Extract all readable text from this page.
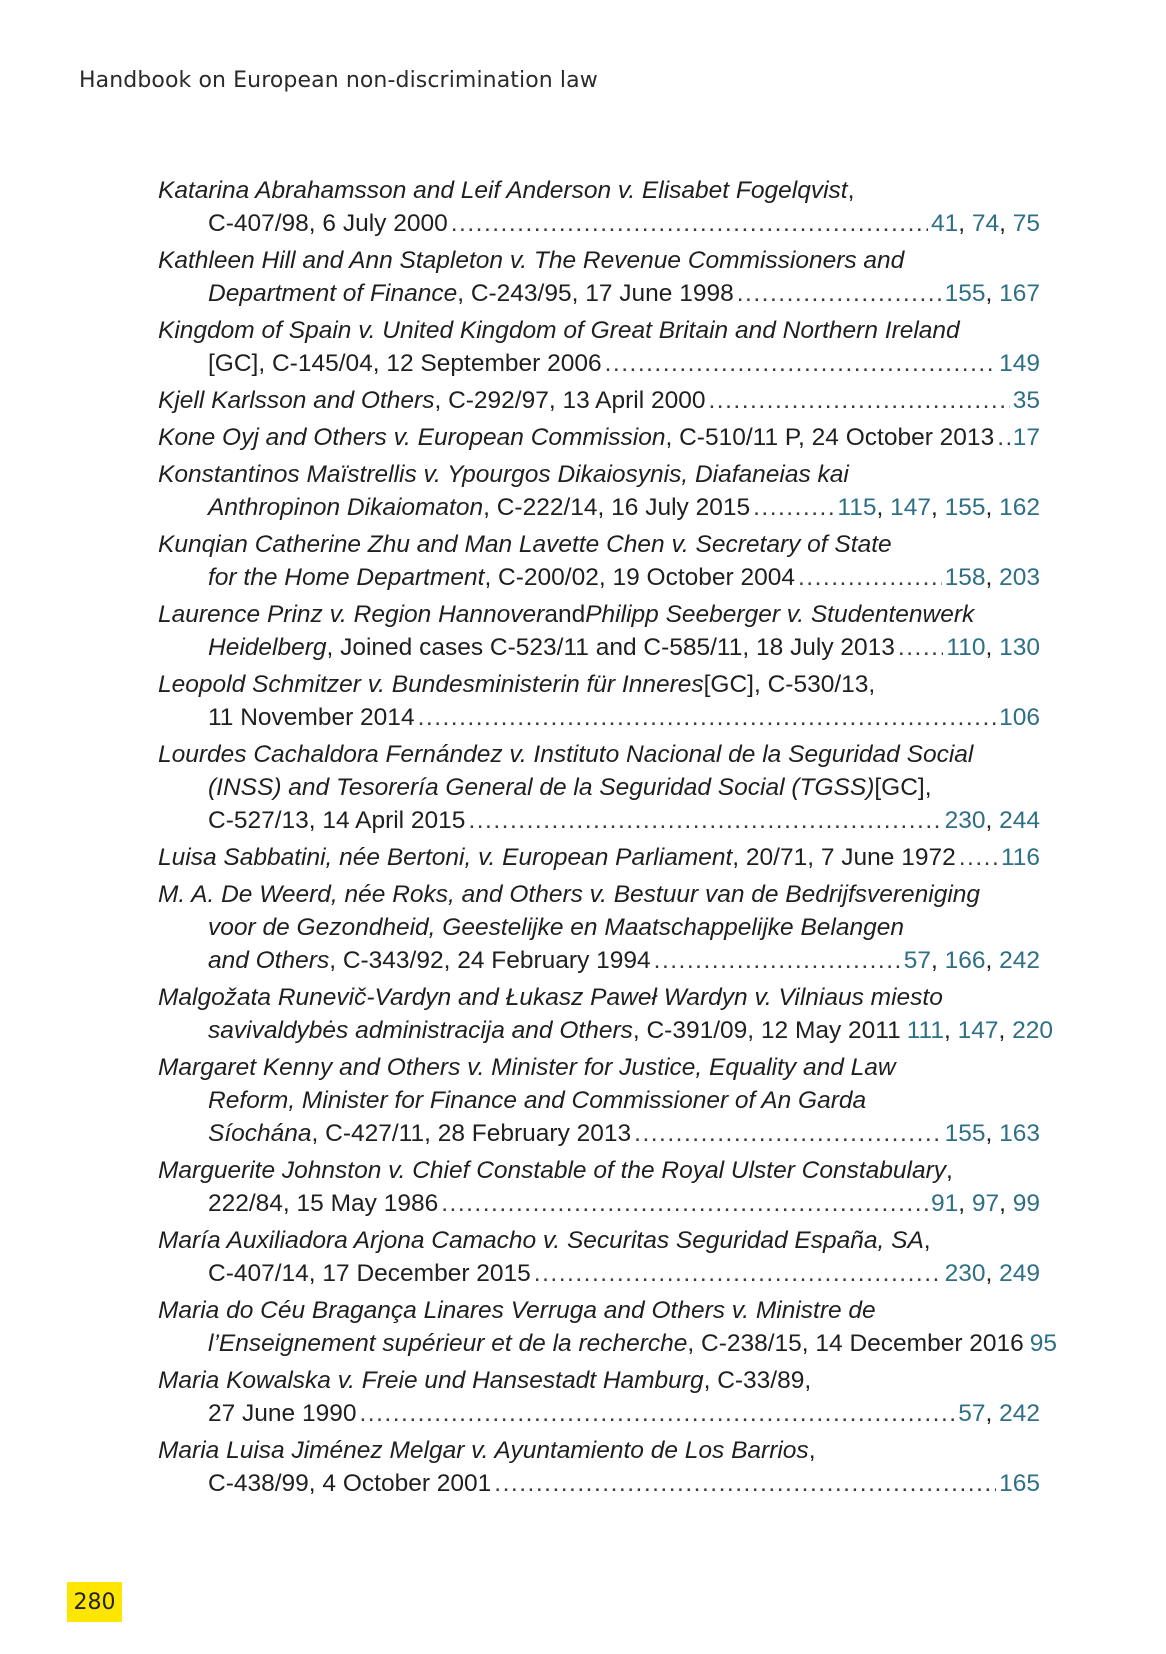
Handbook on European non-discrimination law
Katarina Abrahamsson and Leif Anderson v. Elisabet Fogelqvist ,
C-407/98, 6 July 2000 .....	41, 74, 75
Kathleen Hill and Ann Stapleton v. The Revenue Commissioners and
Department of Finance , C-243/95, 17 June 1998 .....	155, 167
Kingdom of Spain v. United Kingdom of Great Britain and Northern Ireland
[GC], C-145/04, 12 September 2006 .....	149
Kjell Karlsson and Others , C-292/97, 13 April 2000 .....	35
Kone Oyj and Others v. European Commission , C-510/11 P, 24 October 2013 ..... 17
Konstantinos Maïstrellis v. Ypourgos Dikaiosynis, Diafaneias kai
Anthropinon Dikaiomaton , C-222/14, 16 July 2015 .....	115, 147, 155, 162
Kunqian Catherine Zhu and Man Lavette Chen v. Secretary of State
for the Home Department , C-200/02, 19 October 2004 .....	158, 203
Laurence Prinz v. Region Hannover and Philipp Seeberger v. Studentenwerk
Heidelberg , Joined cases C-523/11 and C-585/11, 18 July 2013 ..... 110, 130
Leopold Schmitzer v. Bundesministerin für Inneres [GC], C-530/13,
11 November 2014 .....	106
Lourdes Cachaldora Fernández v. Instituto Nacional de la Seguridad Social
(INSS) and Tesorería General de la Seguridad Social (TGSS) [GC],
C-527/13, 14 April 2015 .....	230, 244
Luisa Sabbatini, née Bertoni, v. European Parliament , 20/71, 7 June 1972 ..... 116
M. A. De Weerd, née Roks, and Others v. Bestuur van de Bedrijfsvereniging
voor de Gezondheid, Geestelijke en Maatschappelijke Belangen
and Others , C-343/92, 24 February 1994 .....	57, 166, 242
Malgožata Runevič-Vardyn and Łukasz Paweł Wardyn v. Vilniaus miesto
savivaldybės administracija and Others , C-391/09, 12 May 2011 111, 147, 220
Margaret Kenny and Others v. Minister for Justice, Equality and Law
Reform, Minister for Finance and Commissioner of An Garda
Síochána , C-427/11, 28 February 2013 .....	155, 163
Marguerite Johnston v. Chief Constable of the Royal Ulster Constabulary ,
222/84, 15 May 1986 .....	91, 97, 99
María Auxiliadora Arjona Camacho v. Securitas Seguridad España, SA ,
C-407/14, 17 December 2015 .....	230, 249
Maria do Céu Bragança Linares Verruga and Others v. Ministre de
l’Enseignement supérieur et de la recherche , C-238/15, 14 December 2016 95
Maria Kowalska v. Freie und Hansestadt Hamburg , C-33/89,
27 June 1990 .....	57, 242
Maria Luisa Jiménez Melgar v. Ayuntamiento de Los Barrios ,
C-438/99, 4 October 2001 .....	165
280
